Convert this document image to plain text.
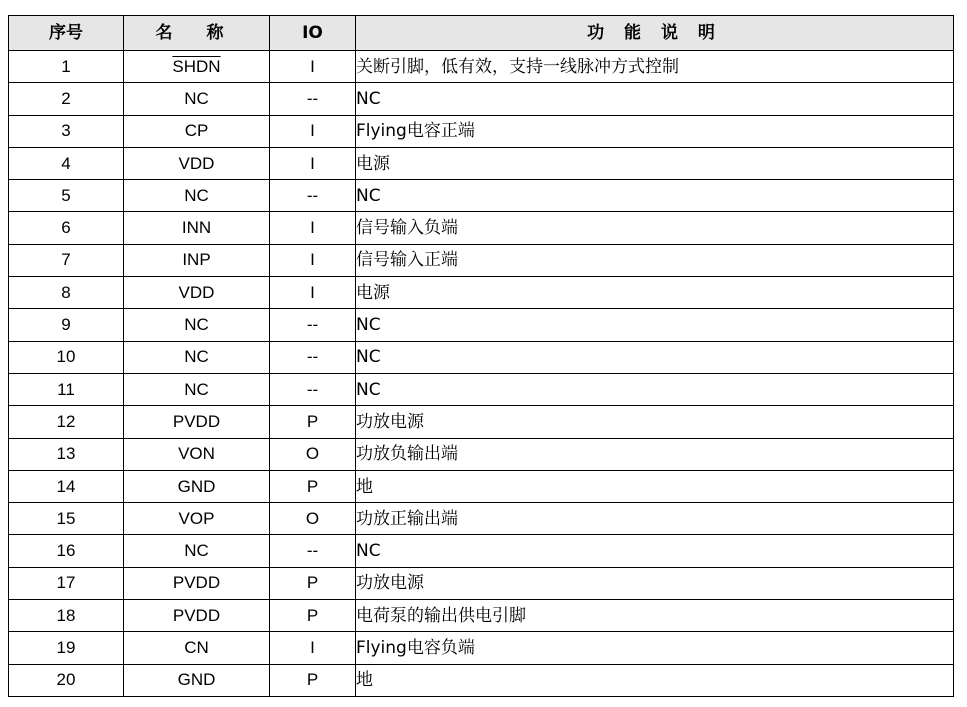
序号	名 称	IO	功 能 说 明
1	SHDN	I	关断引脚，低有效，支持一线脉冲方式控制
2	NC	--	NC
3	CP	I	Flying电容正端
4	VDD	I	电源
5	NC	--	NC
6	INN	I	信号输入负端
7	INP	I	信号输入正端
8	VDD	I	电源
9	NC	--	NC
10	NC	--	NC
11	NC	--	NC
12	PVDD	P	功放电源
13	VON	O	功放负输出端
14	GND	P	地
15	VOP	O	功放正输出端
16	NC	--	NC
17	PVDD	P	功放电源
18	PVDD	P	电荷泵的输出供电引脚
19	CN	I	Flying电容负端
20	GND	P	地
